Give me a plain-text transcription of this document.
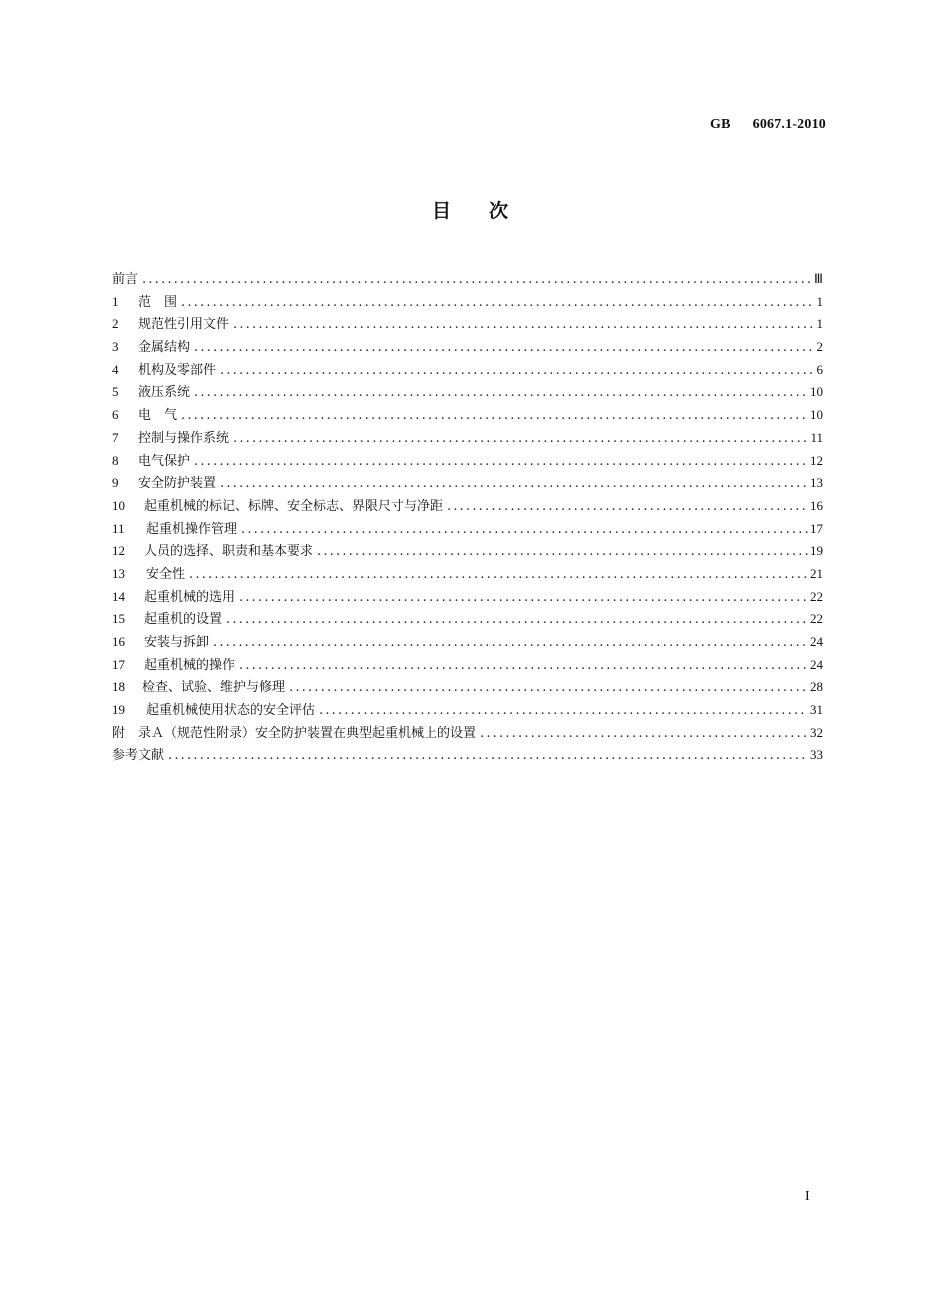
GB 6067.1-2010
目　　次
前言 .....	Ⅲ
1	范　围 .....	1
2	规范性引用文件 .....	1
3	金属结构 .....	2
4	机构及零部件 .....	6
5	液压系统 .....	10
6	电　气 .....	10
7	控制与操作系统 .....	11
8	电气保护 .....	12
9	安全防护装置 .....	13
10	起重机械的标记、标牌、安全标志、界限尺寸与净距 .....	16
11	起重机操作管理 .....	17
12	人员的选择、职责和基本要求 .....	19
13	安全性 .....	21
14	起重机械的选用 .....	22
15	起重机的设置 .....	22
16	安装与拆卸 .....	24
17	起重机械的操作 .....	24
18	检查、试验、维护与修理 .....	28
19	起重机械使用状态的安全评估 .....	31
附　录Ａ（规范性附录）安全防护装置在典型起重机械上的设置 .....	32
参考文献 .....	33
I
